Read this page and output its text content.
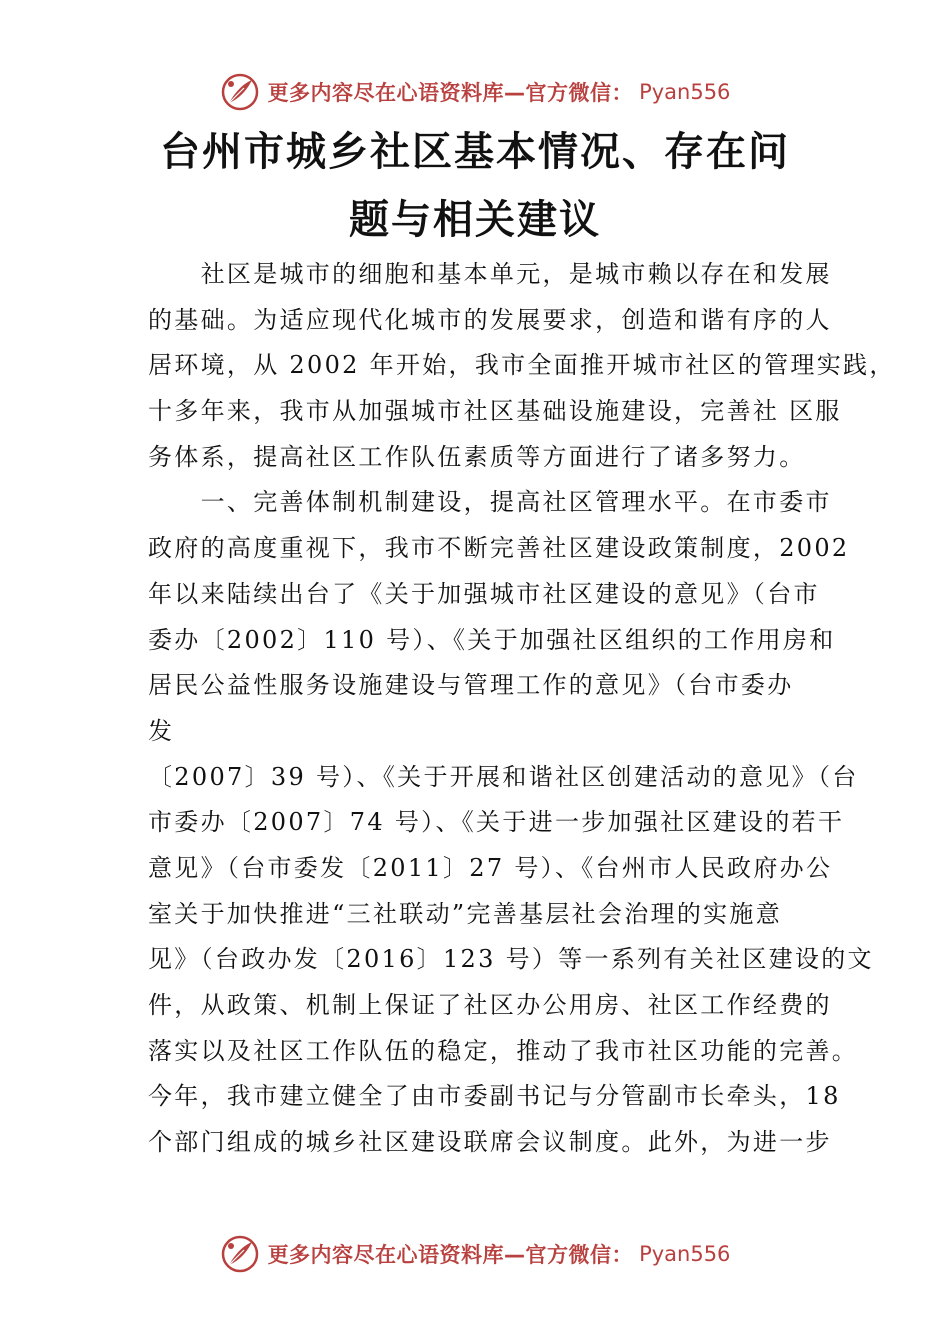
更多内容尽在心语资料库—官方微信： Pyan556
台州市城乡社区基本情况、存在问
题与相关建议
　　社区是城市的细胞和基本单元，是城市赖以存在和发展
的基础。为适应现代化城市的发展要求，创造和谐有序的人
居环境，从 2002 年开始，我市全面推开城市社区的管理实践，
十多年来，我市从加强城市社区基础设施建设，完善社 区服
务体系，提高社区工作队伍素质等方面进行了诸多努力。
　　一、完善体制机制建设，提高社区管理水平。在市委市
政府的高度重视下，我市不断完善社区建设政策制度，2002
年以来陆续出台了《关于加强城市社区建设的意见》（台市
委办〔2002〕110 号）、《关于加强社区组织的工作用房和
居民公益性服务设施建设与管理工作的意见》（台市委办
发
〔2007〕39 号）、《关于开展和谐社区创建活动的意见》（台
市委办〔2007〕74 号）、《关于进一步加强社区建设的若干
意见》（台市委发〔2011〕27 号）、《台州市人民政府办公
室关于加快推进“三社联动”完善基层社会治理的实施意
见》（台政办发〔2016〕123 号）等一系列有关社区建设的文
件，从政策、机制上保证了社区办公用房、社区工作经费的
落实以及社区工作队伍的稳定，推动了我市社区功能的完善。
今年，我市建立健全了由市委副书记与分管副市长牵头，18
个部门组成的城乡社区建设联席会议制度。此外，为进一步
更多内容尽在心语资料库—官方微信： Pyan556
